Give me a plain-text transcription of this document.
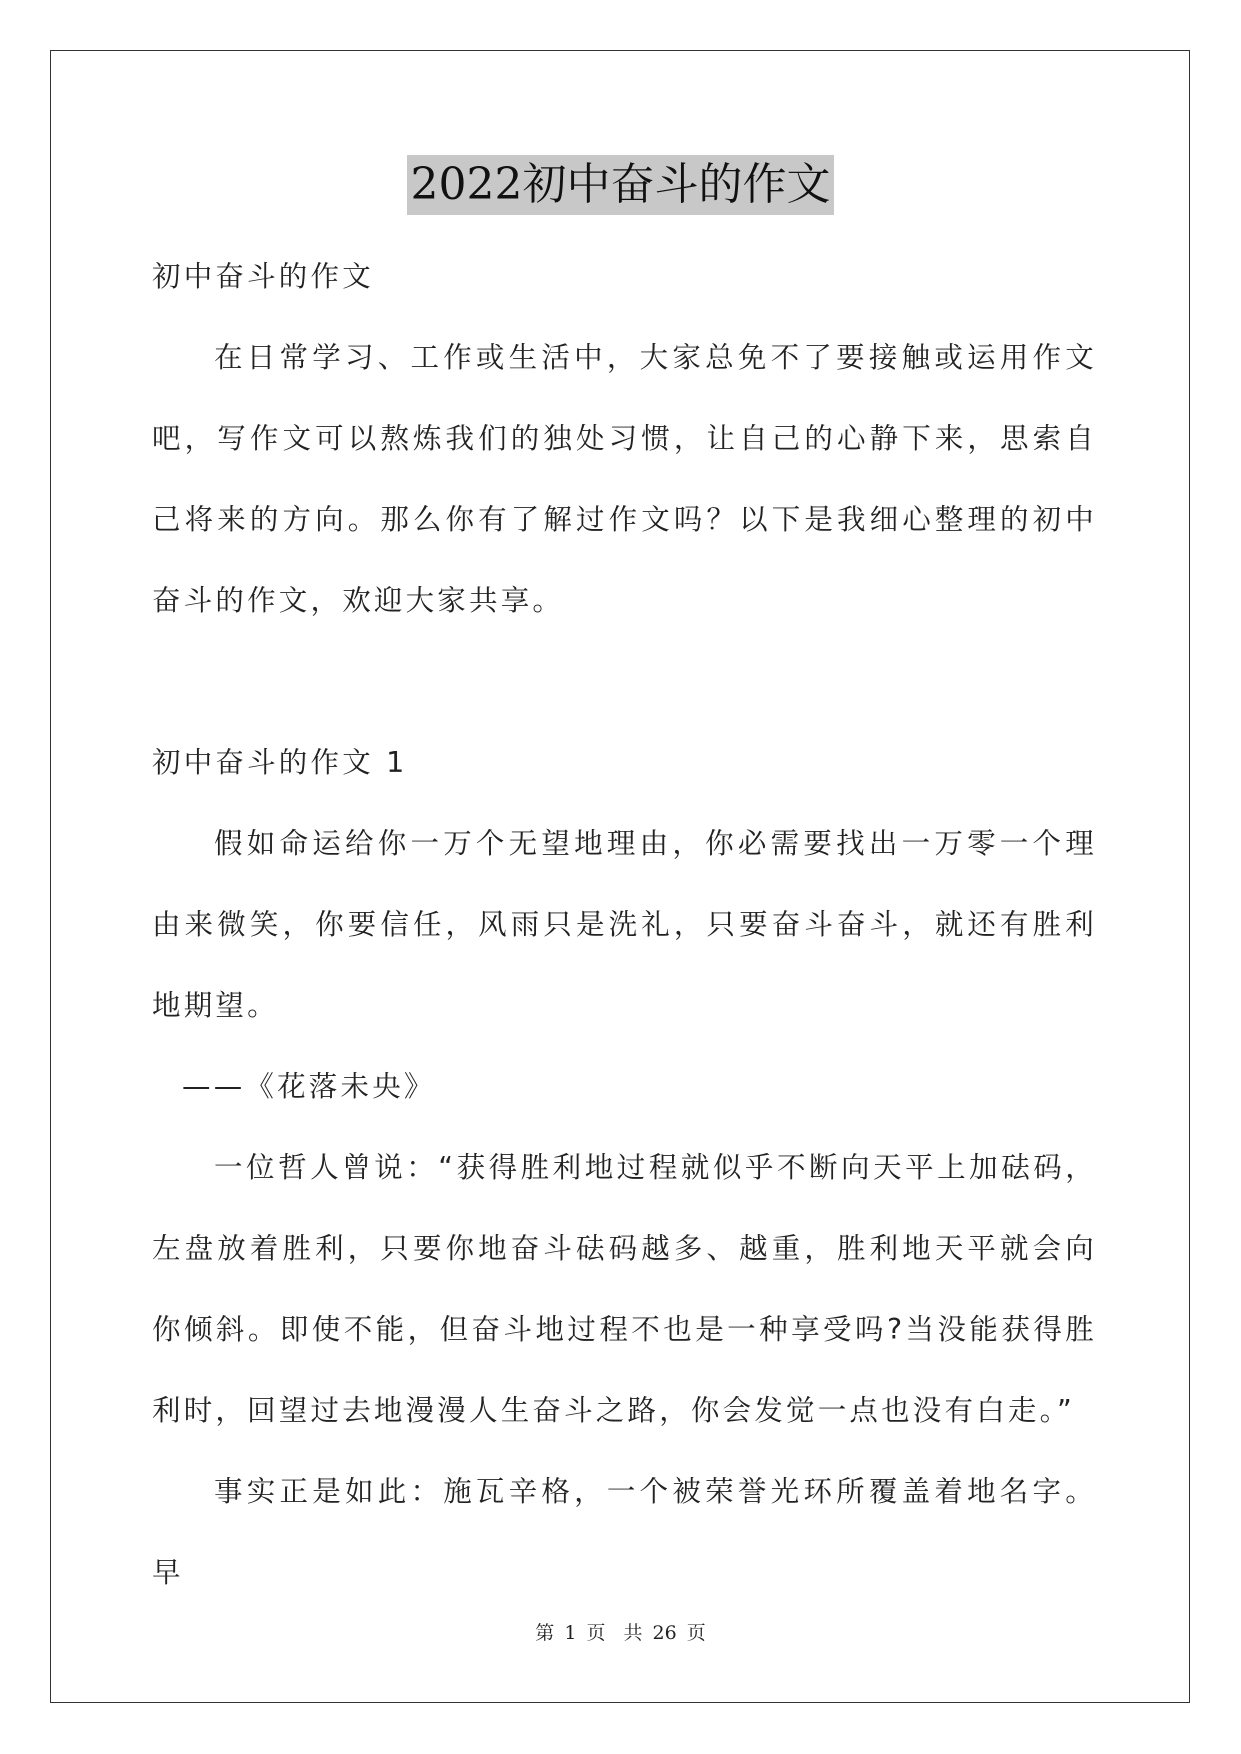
2022初中奋斗的作文

初中奋斗的作文

在日常学习、工作或生活中，大家总免不了要接触或运用作文吧，写作文可以熬炼我们的独处习惯，让自己的心静下来，思索自己将来的方向。那么你有了解过作文吗？以下是我细心整理的初中奋斗的作文，欢迎大家共享。

初中奋斗的作文 1

假如命运给你一万个无望地理由，你必需要找出一万零一个理由来微笑，你要信任，风雨只是洗礼，只要奋斗奋斗，就还有胜利地期望。

——《花落未央》

一位哲人曾说：“获得胜利地过程就似乎不断向天平上加砝码，左盘放着胜利，只要你地奋斗砝码越多、越重，胜利地天平就会向你倾斜。即使不能，但奋斗地过程不也是一种享受吗?当没能获得胜利时，回望过去地漫漫人生奋斗之路，你会发觉一点也没有白走。”

事实正是如此：施瓦辛格，一个被荣誉光环所覆盖着地名字。早

第 1 页 共 26 页
